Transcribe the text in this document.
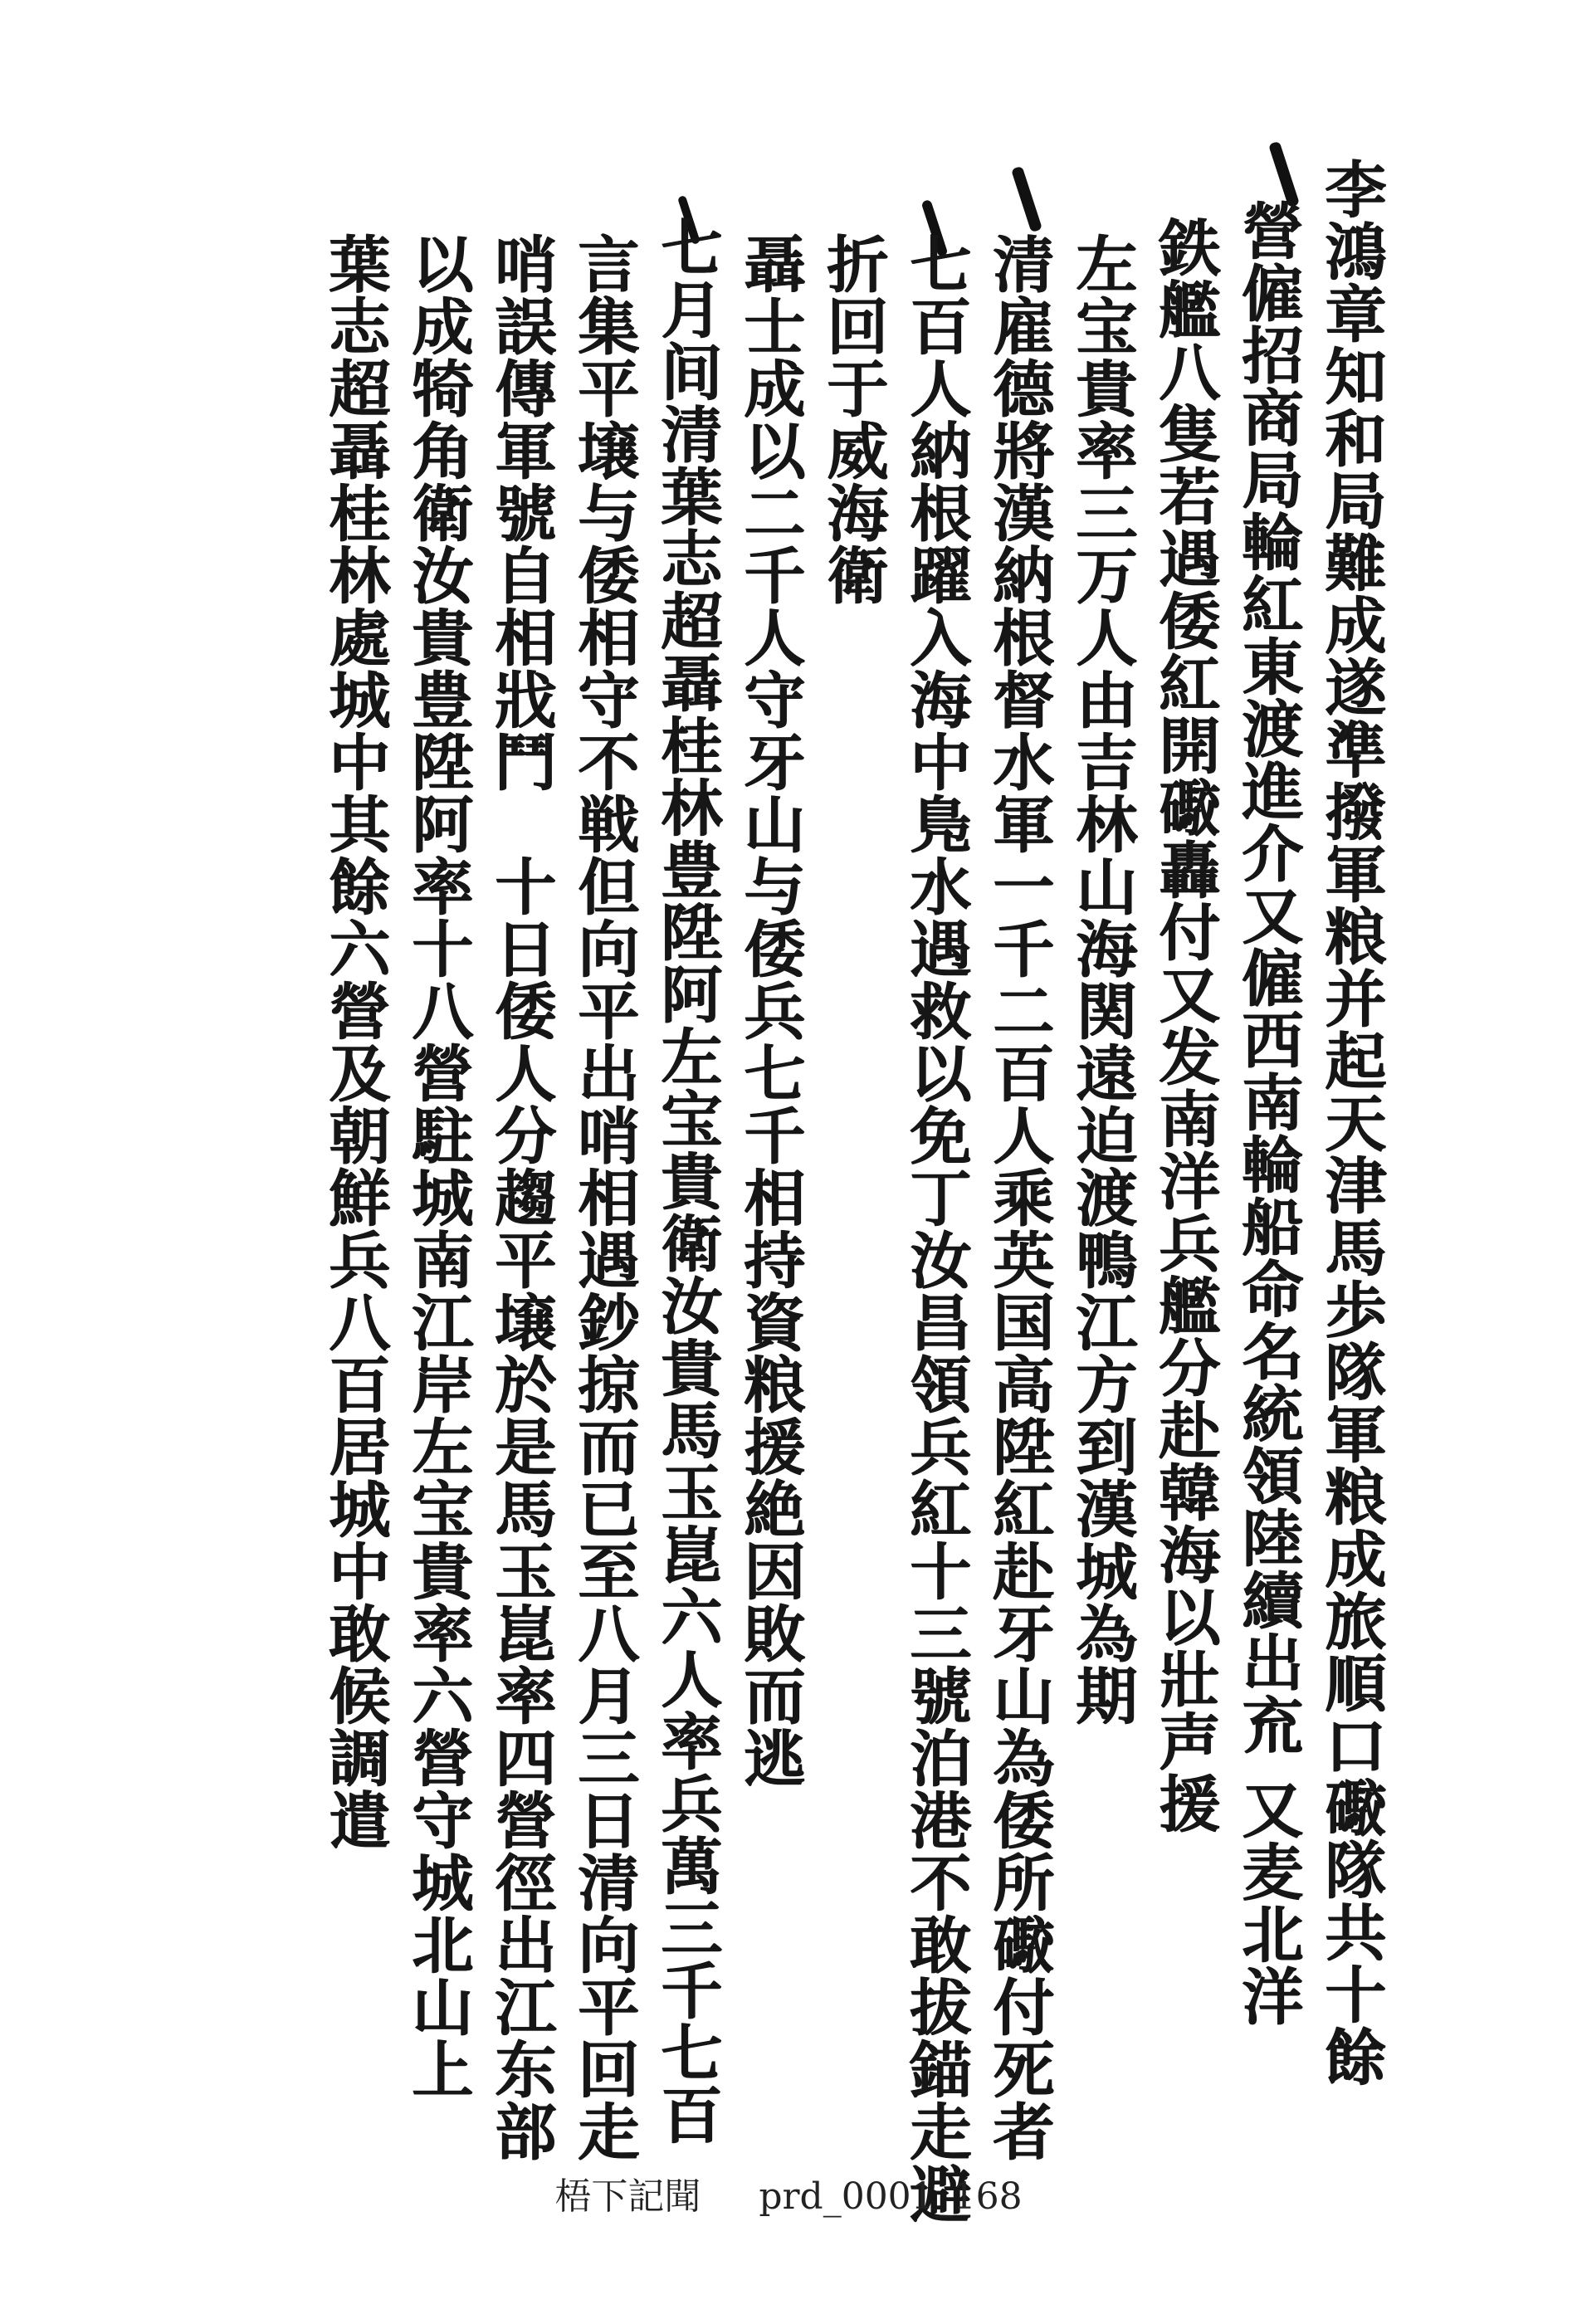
李鴻章知和局難成遂準撥軍粮并起天津馬歩隊軍粮成旅順口礮隊共十餘
營僱招商局輪紅東渡進介又僱西南輪船命名統領陸續出㐬 又麦北洋
鉄艦八隻若遇倭紅開礮轟付又发南洋兵艦分赴韓海以壯声援
左宝貴率三万人由吉林山海関遠迫渡鴨江方到漢城為期
清雇德將漢納根督水軍一千二百人乘英国高陞紅赴牙山為倭所礮付死者
七百人納根躍入海中鳬水遇救以免丁汝昌領兵紅十三號泊港不敢拔錨走避
折回于威海衛
聶士成以二千人守牙山与倭兵七千相持資粮援絶因敗而逃
七月间清葉志超聶桂林豊陞阿左宝貴衛汝貴馬玉崑六人率兵萬三千七百
言集平壌与倭相守不戦但向平出哨相遇鈔掠而已至八月三日清向平回走
哨誤傳軍號自相戕鬥　十日倭人分趨平壌於是馬玉崑率四營徑出江东部
以成犄角衛汝貴豊陞阿率十八營駐城南江岸左宝貴率六營守城北山上
葉志超聶桂林處城中其餘六營及朝鮮兵八百居城中敢候調遣
梧下記聞 prd_0001_168
